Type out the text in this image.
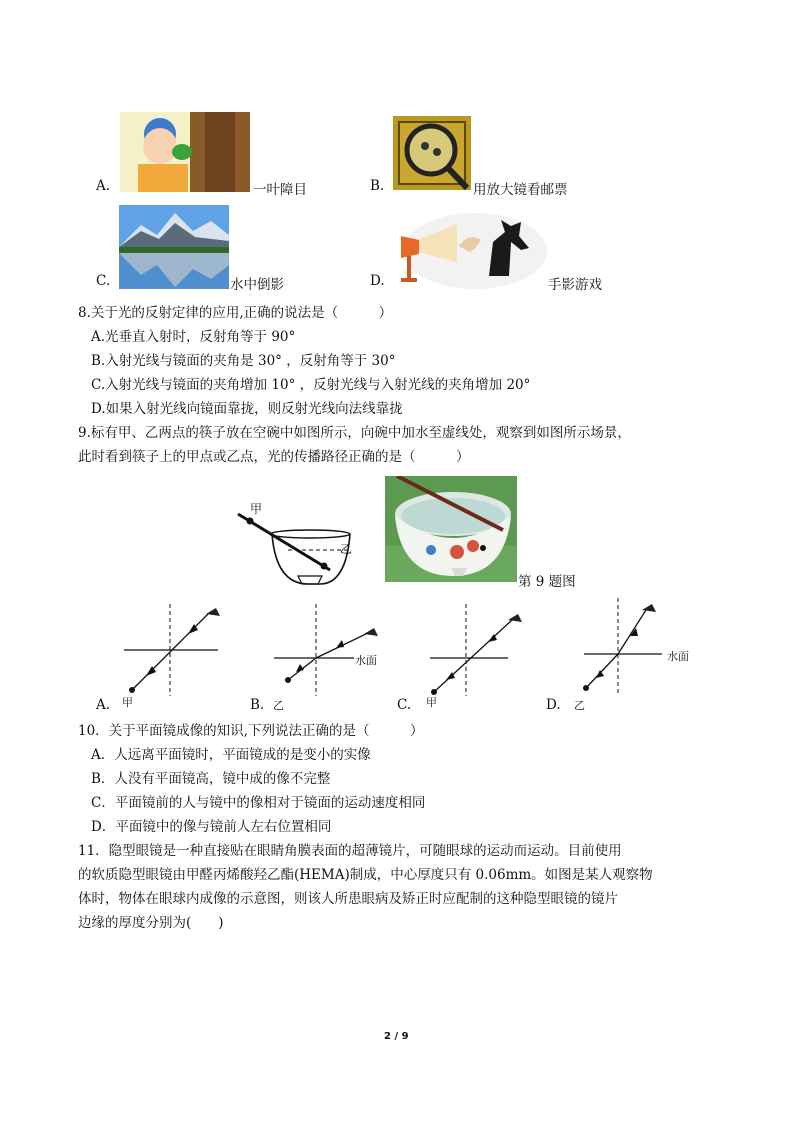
A.	一叶障目	B.	用放大镜看邮票
C.	水中倒影	D.	手影游戏
8.关于光的反射定律的应用,正确的说法是（　　　）
A.光垂直入射时，反射角等于 90°
B.入射光线与镜面的夹角是 30° ，反射角等于 30°
C.入射光线与镜面的夹角增加 10° ，反射光线与入射光线的夹角增加 20°
D.如果入射光线向镜面靠拢，则反射光线向法线靠拢
9.标有甲、乙两点的筷子放在空碗中如图所示，向碗中加水至虚线处，观察到如图所示场景，
此时看到筷子上的甲点或乙点，光的传播路径正确的是（　　　）
甲
乙
第 9 题图
A. 甲
水面
B. 乙	C. 甲
水面
D. 乙
10．关于平面镜成像的知识,下列说法正确的是（　　　）
A．人远离平面镜时，平面镜成的是变小的实像
B．人没有平面镜高，镜中成的像不完整
C．平面镜前的人与镜中的像相对于镜面的运动速度相同
D．平面镜中的像与镜前人左右位置相同
11．隐型眼镜是一种直接贴在眼睛角膜表面的超薄镜片，可随眼球的运动而运动。目前使用
的软质隐型眼镜由甲醛丙烯酸羟乙酯(HEMA)制成，中心厚度只有 0.06mm。如图是某人观察物
体时，物体在眼球内成像的示意图，则该人所患眼病及矫正时应配制的这种隐型眼镜的镜片
边缘的厚度分别为(　　)
2 / 9
